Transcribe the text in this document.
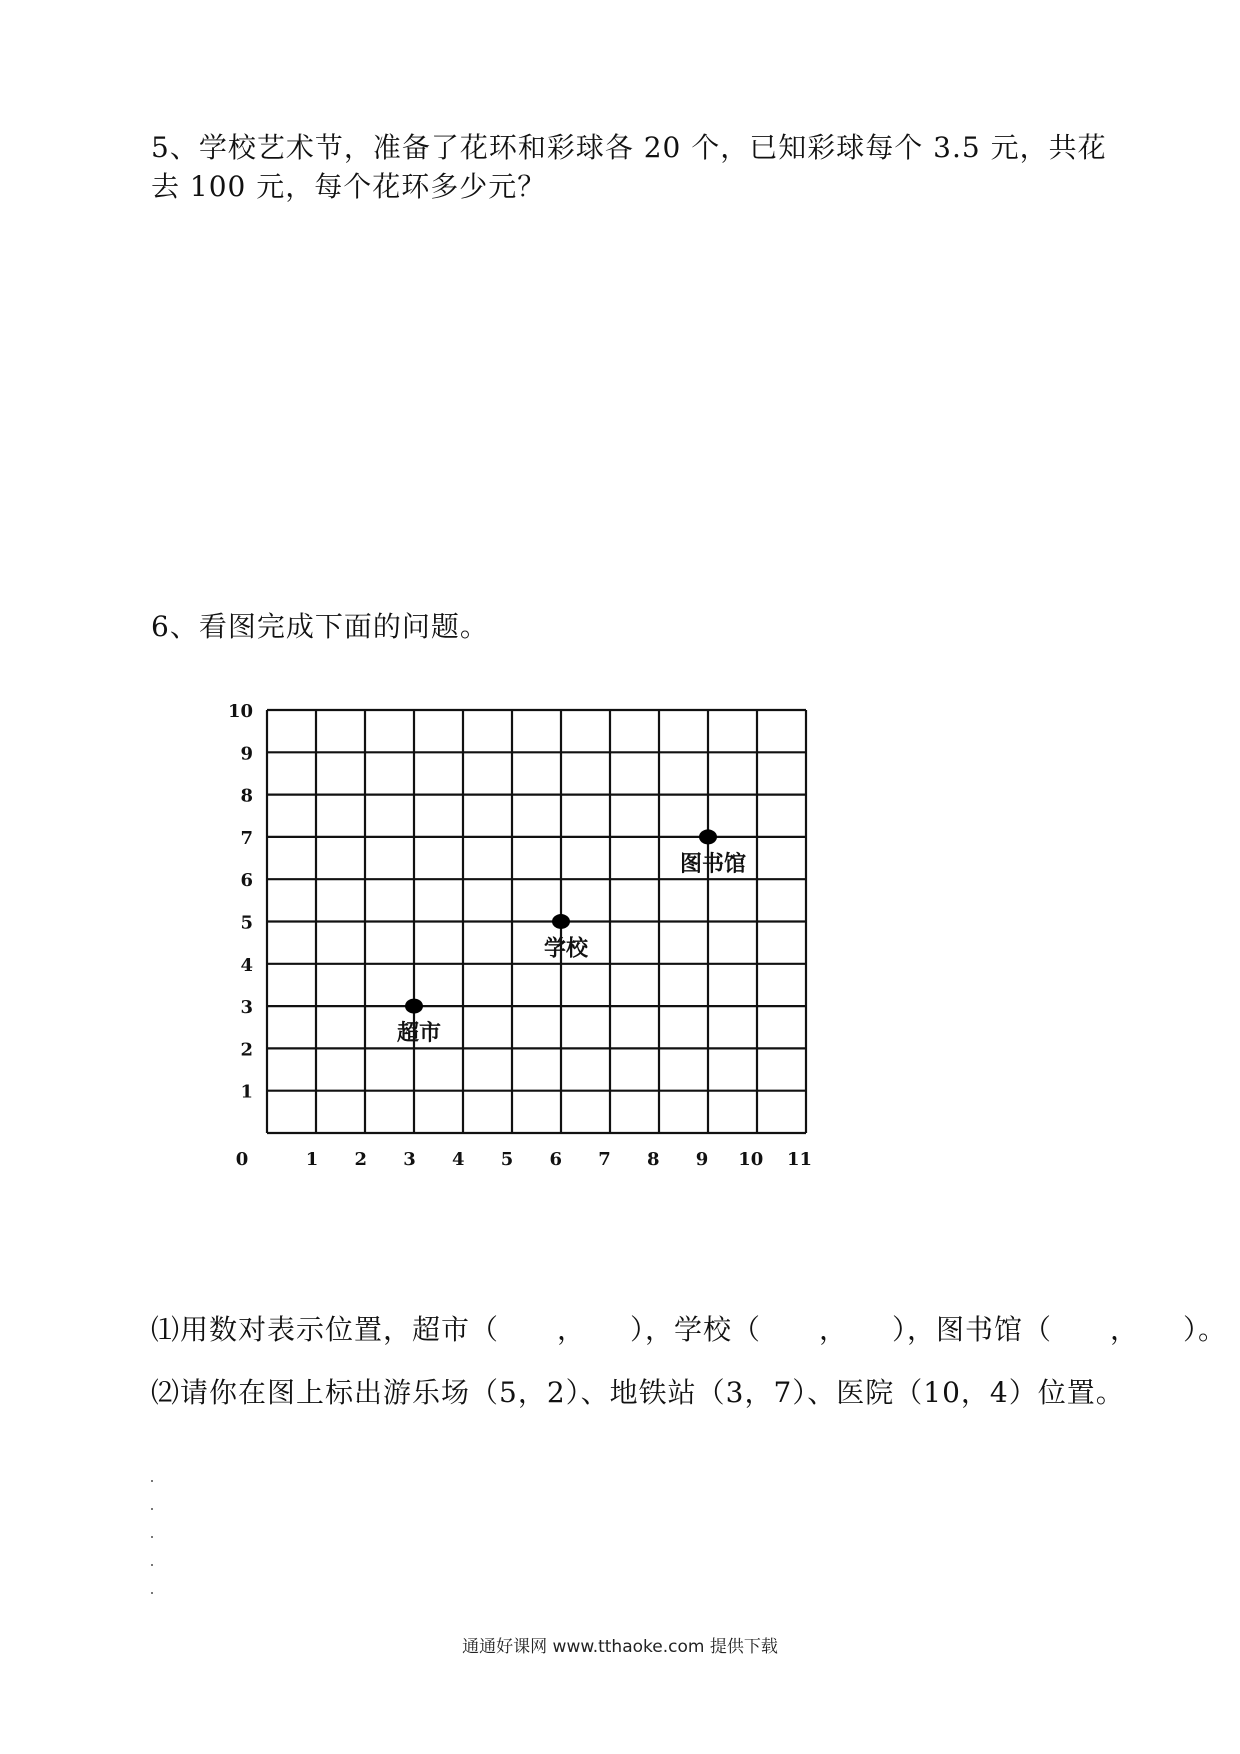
5、学校艺术节，准备了花环和彩球各 20 个，已知彩球每个 3.5 元，共花

去 100 元，每个花环多少元？

6、看图完成下面的问题。

1
2
3
4
5
6
7
8
9
10
0	1 2 3 4 5 6 7 8 9 10 11
超市
学校
图书馆

⑴用数对表示位置，超市（　　，　　），学校（　　，　　），图书馆（　　，　　）。

⑵请你在图上标出游乐场（5，2）、地铁站（3，7）、医院（10，4）位置。

通通好课网 www.tthaoke.com 提供下载
